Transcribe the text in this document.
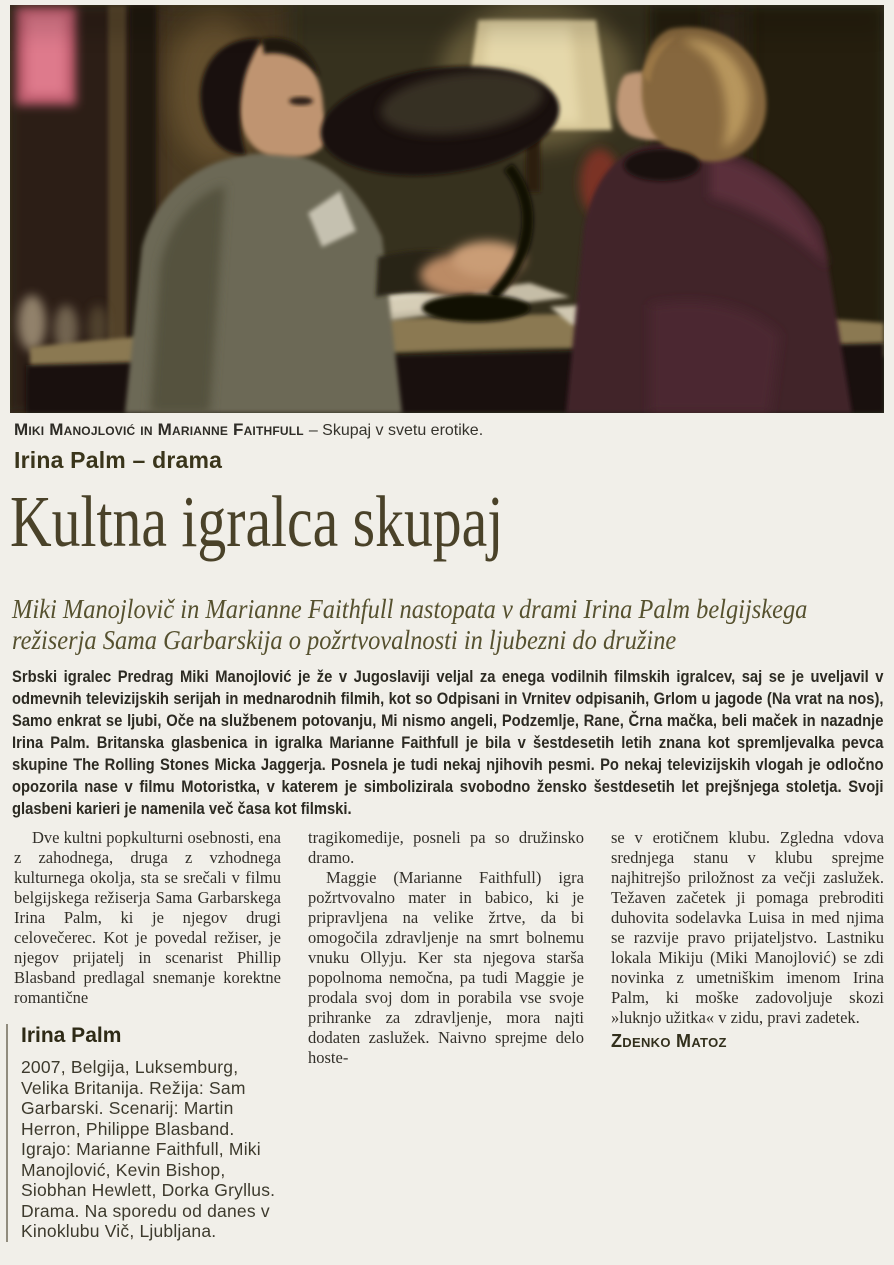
Miki Manojlović in Marianne Faithfull – Skupaj v svetu erotike.
Irina Palm – drama
Kultna igralca skupaj
Miki Manojlovič in Marianne Faithfull nastopata v drami Irina Palm belgijskega režiserja Sama Garbarskija o požrtvovalnosti in ljubezni do družine
Srbski igralec Predrag Miki Manojlović je že v Jugoslaviji veljal za enega vodilnih filmskih igralcev, saj se je uveljavil v odmevnih televizijskih serijah in mednarodnih filmih, kot so Odpisani in Vrnitev odpisanih, Grlom u jagode (Na vrat na nos), Samo enkrat se ljubi, Oče na službenem potovanju, Mi nismo angeli, Podzemlje, Rane, Črna mačka, beli maček in nazadnje Irina Palm. Britanska glasbenica in igralka Marianne Faithfull je bila v šestdesetih letih znana kot spremljevalka pevca skupine The Rolling Stones Micka Jaggerja. Posnela je tudi nekaj njihovih pesmi. Po nekaj televizijskih vlogah je odločno opozorila nase v filmu Motoristka, v katerem je simbolizirala svobodno žensko šestdesetih let prejšnjega stoletja. Svoji glasbeni karieri je namenila več časa kot filmski.

Dve kultni popkulturni osebnosti, ena z zahodnega, druga z vzhodnega kulturnega okolja, sta se srečali v filmu belgijskega režiserja Sama Garbarskega Irina Palm, ki je njegov drugi celovečerec. Kot je povedal režiser, je njegov prijatelj in scenarist Phillip Blasband predlagal snemanje korektne romantične

Irina Palm
2007, Belgija, Luksemburg, Velika Britanija. Režija: Sam Garbarski. Scenarij: Martin Herron, Philippe Blasband. Igrajo: Marianne Faithfull, Miki Manojlović, Kevin Bishop, Siobhan Hewlett, Dorka Gryllus. Drama. Na sporedu od danes v Kinoklubu Vič, Ljubljana.

tragikomedije, posneli pa so družinsko dramo.

Maggie (Marianne Faithfull) igra požrtvovalno mater in babico, ki je pripravljena na velike žrtve, da bi omogočila zdravljenje na smrt bolnemu vnuku Ollyju. Ker sta njegova starša popolnoma nemočna, pa tudi Maggie je prodala svoj dom in porabila vse svoje prihranke za zdravljenje, mora najti dodaten zaslužek. Naivno sprejme delo hoste-

se v erotičnem klubu. Zgledna vdova srednjega stanu v klubu sprejme najhitrejšo priložnost za večji zaslužek. Težaven začetek ji pomaga prebroditi duhovita sodelavka Luisa in med njima se razvije pravo prijateljstvo. Lastniku lokala Mikiju (Miki Manojlović) se zdi novinka z umetniškim imenom Irina Palm, ki moške zadovoljuje skozi »luknjo užitka« v zidu, pravi zadetek.

Zdenko Matoz
